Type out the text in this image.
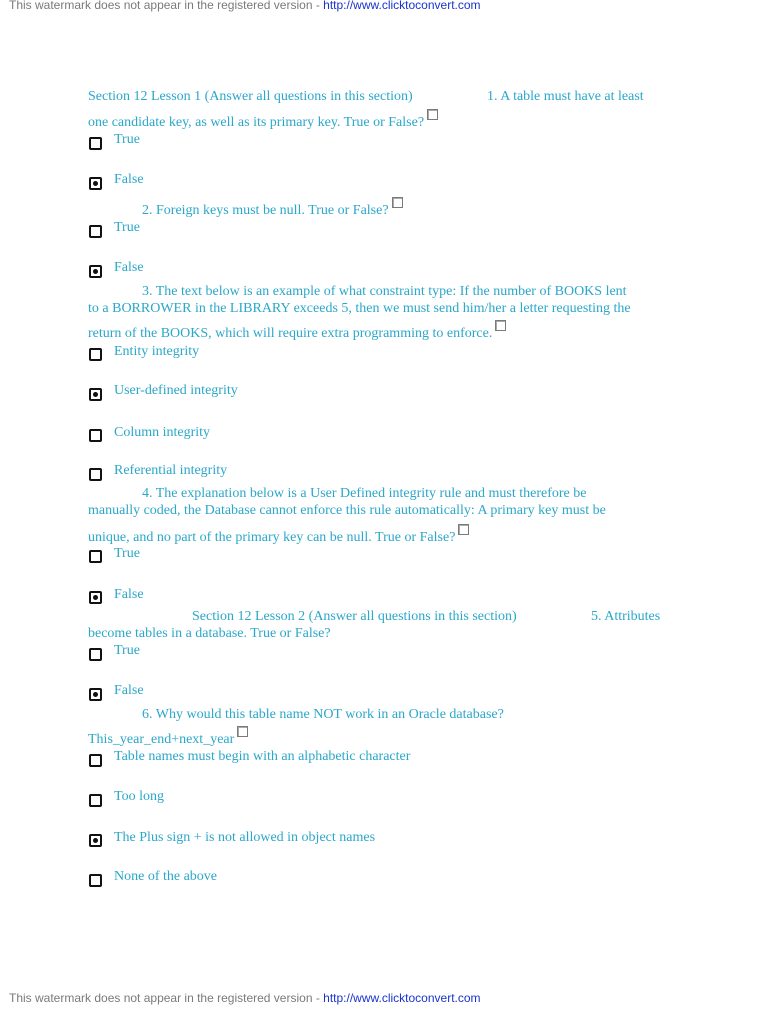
This watermark does not appear in the registered version - http://www.clicktoconvert.com
Section 12 Lesson 1 (Answer all questions in this section)	1. A table must have at least
one candidate key, as well as its primary key. True or False?
True
False
2. Foreign keys must be null. True or False?
True
False
3. The text below is an example of what constraint type: If the number of BOOKS lent
to a BORROWER in the LIBRARY exceeds 5, then we must send him/her a letter requesting the
return of the BOOKS, which will require extra programming to enforce.
Entity integrity
User-defined integrity
Column integrity
Referential integrity
4. The explanation below is a User Defined integrity rule and must therefore be
manually coded, the Database cannot enforce this rule automatically: A primary key must be
unique, and no part of the primary key can be null. True or False?
True
False
Section 12 Lesson 2 (Answer all questions in this section)	5. Attributes
become tables in a database. True or False?
True
False
6. Why would this table name NOT work in an Oracle database?
This_year_end+next_year
Table names must begin with an alphabetic character
Too long
The Plus sign + is not allowed in object names
None of the above
This watermark does not appear in the registered version - http://www.clicktoconvert.com
